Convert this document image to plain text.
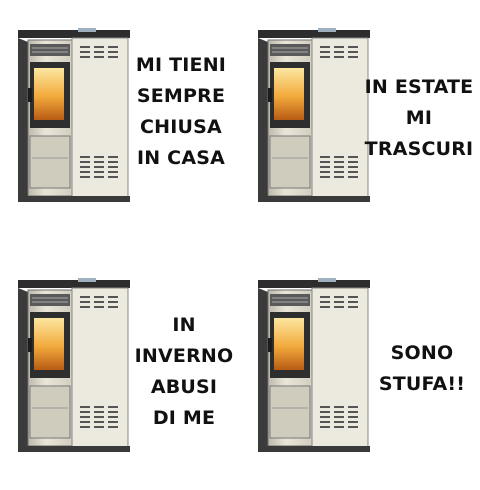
MI TIENI
SEMPRE
CHIUSA
IN CASA
IN ESTATE
MI
TRASCURI
IN
INVERNO
ABUSI
DI ME
SONO
STUFA!!
